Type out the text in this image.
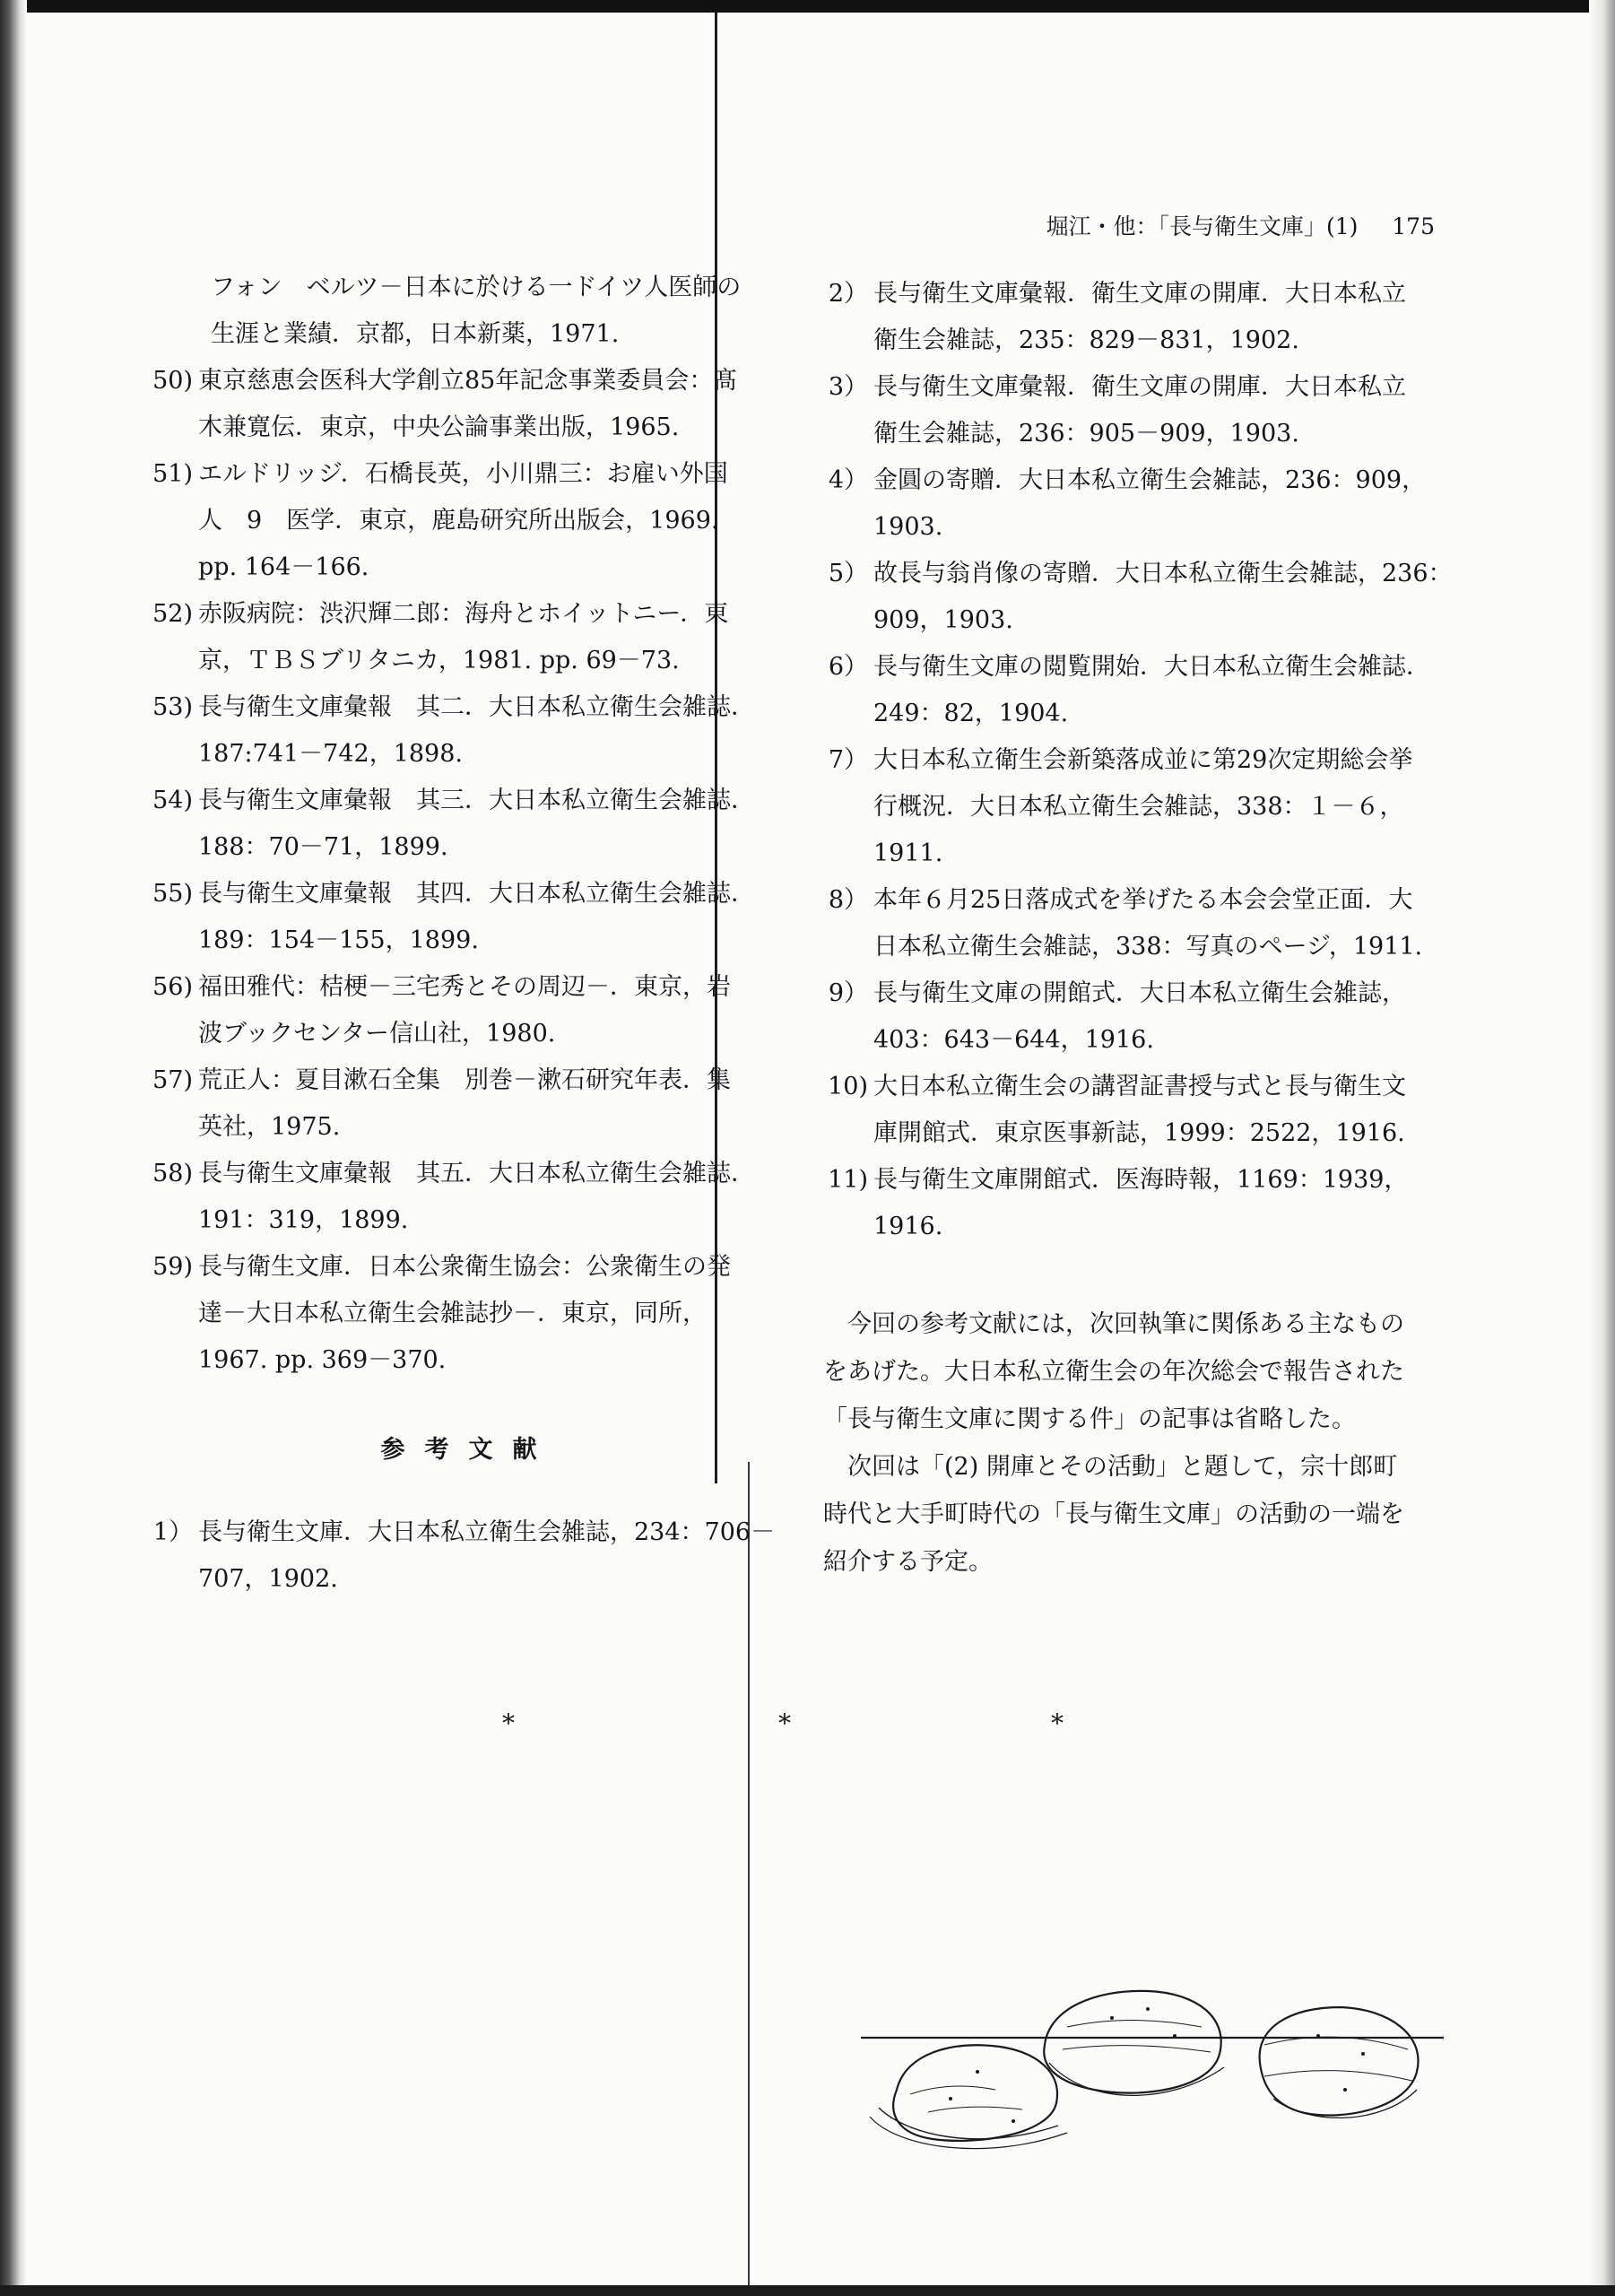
堀江・他：「長与衛生文庫」(1) 175
フォン　ベルツ－日本に於ける一ドイツ人医師の
生涯と業績．京都，日本新薬，1971.
50) 東京慈恵会医科大学創立85年記念事業委員会：髙
木兼寛伝．東京，中央公論事業出版，1965.
51) エルドリッジ．石橋長英，小川鼎三：お雇い外国
人　9　医学．東京，鹿島研究所出版会，1969.
pp. 164－166.
52) 赤阪病院：渋沢輝二郎：海舟とホイットニー．東
京，ＴＢＳブリタニカ，1981. pp. 69－73.
53) 長与衛生文庫彙報　其二．大日本私立衛生会雑誌．
187:741－742，1898.
54) 長与衛生文庫彙報　其三．大日本私立衛生会雑誌．
188：70－71，1899.
55) 長与衛生文庫彙報　其四．大日本私立衛生会雑誌．
189：154－155，1899.
56) 福田雅代：桔梗－三宅秀とその周辺－．東京，岩
波ブックセンター信山社，1980.
57) 荒正人：夏目漱石全集　別巻－漱石研究年表．集
英社，1975.
58) 長与衛生文庫彙報　其五．大日本私立衛生会雑誌．
191：319，1899.
59) 長与衛生文庫．日本公衆衛生協会：公衆衛生の発
達－大日本私立衛生会雑誌抄－．東京，同所，
1967. pp. 369－370.
参考文献
1） 長与衛生文庫．大日本私立衛生会雑誌，234：706－
707，1902.
2） 長与衛生文庫彙報．衛生文庫の開庫．大日本私立
衛生会雑誌，235：829－831，1902.
3） 長与衛生文庫彙報．衛生文庫の開庫．大日本私立
衛生会雑誌，236：905－909，1903.
4） 金圓の寄贈．大日本私立衛生会雑誌，236：909，
1903.
5） 故長与翁肖像の寄贈．大日本私立衛生会雑誌，236：
909，1903.
6） 長与衛生文庫の閲覧開始．大日本私立衛生会雑誌．
249：82，1904.
7） 大日本私立衛生会新築落成並に第29次定期総会挙
行概況．大日本私立衛生会雑誌，338：１－６，
1911.
8） 本年６月25日落成式を挙げたる本会会堂正面．大
日本私立衛生会雑誌，338：写真のページ，1911.
9） 長与衛生文庫の開館式．大日本私立衛生会雑誌，
403：643－644，1916.
10) 大日本私立衛生会の講習証書授与式と長与衛生文
庫開館式．東京医事新誌，1999：2522，1916.
11) 長与衛生文庫開館式．医海時報，1169：1939，
1916.
今回の参考文献には，次回執筆に関係ある主なもの
をあげた。大日本私立衛生会の年次総会で報告された
「長与衛生文庫に関する件」の記事は省略した。
次回は「(2) 開庫とその活動」と題して，宗十郎町
時代と大手町時代の「長与衛生文庫」の活動の一端を
紹介する予定。
*	*	*
